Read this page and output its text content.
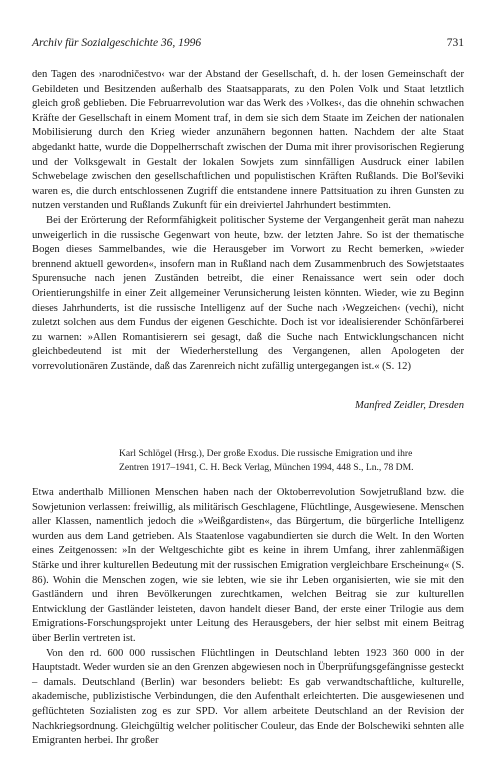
Archiv für Sozialgeschichte 36, 1996	731

den Tagen des ›narodničestvo‹ war der Abstand der Gesellschaft, d. h. der losen Gemeinschaft der Gebildeten und Besitzenden außerhalb des Staatsapparats, zu den Polen Volk und Staat letztlich gleich groß geblieben. Die Februarrevolution war das Werk des ›Volkes‹, das die ohnehin schwachen Kräfte der Gesellschaft in einem Moment traf, in dem sie sich dem Staate im Zeichen der nationalen Mobilisierung durch den Krieg wieder anzunähern begonnen hatten. Nachdem der alte Staat abgedankt hatte, wurde die Doppelherrschaft zwischen der Duma mit ihrer provisorischen Regierung und der Volksgewalt in Gestalt der lokalen Sowjets zum sinnfälligen Ausdruck einer labilen Schwebelage zwischen den gesellschaftlichen und populistischen Kräften Rußlands. Die Bol'ševiki waren es, die durch entschlossenen Zugriff die entstandene innere Pattsituation zu ihren Gunsten zu nutzen verstanden und Rußlands Zukunft für ein dreiviertel Jahrhundert bestimmten.

Bei der Erörterung der Reformfähigkeit politischer Systeme der Vergangenheit gerät man nahezu unweigerlich in die russische Gegenwart von heute, bzw. der letzten Jahre. So ist der thematische Bogen dieses Sammelbandes, wie die Herausgeber im Vorwort zu Recht bemerken, »wieder brennend aktuell geworden«, insofern man in Rußland nach dem Zusammenbruch des Sowjetstaates Spurensuche nach jenen Zuständen betreibt, die einer Renaissance wert sein oder doch Orientierungshilfe in einer Zeit allgemeiner Verunsicherung leisten könnten. Wieder, wie zu Beginn dieses Jahrhunderts, ist die russische Intelligenz auf der Suche nach ›Wegzeichen‹ (vechi), nicht zuletzt solchen aus dem Fundus der eigenen Geschichte. Doch ist vor idealisierender Schönfärberei zu warnen: »Allen Romantisierern sei gesagt, daß die Suche nach Entwicklungschancen nicht gleichbedeutend ist mit der Wiederherstellung des Vergangenen, allen Apologeten der vorrevolutionären Zustände, daß das Zarenreich nicht zufällig untergegangen ist.« (S. 12)

Manfred Zeidler, Dresden
Karl Schlögel (Hrsg.), Der große Exodus. Die russische Emigration und ihre
Zentren 1917–1941, C. H. Beck Verlag, München 1994, 448 S., Ln., 78 DM.

Etwa anderthalb Millionen Menschen haben nach der Oktoberrevolution Sowjetrußland bzw. die Sowjetunion verlassen: freiwillig, als militärisch Geschlagene, Flüchtlinge, Ausgewiesene. Menschen aller Klassen, namentlich jedoch die »Weißgardisten«, das Bürgertum, die bürgerliche Intelligenz wurden aus dem Land getrieben. Als Staatenlose vagabundierten sie durch die Welt. In den Worten eines Zeitgenossen: »In der Weltgeschichte gibt es keine in ihrem Umfang, ihrer zahlenmäßigen Stärke und ihrer kulturellen Bedeutung mit der russischen Emigration vergleichbare Erscheinung« (S. 86). Wohin die Menschen zogen, wie sie lebten, wie sie ihr Leben organisierten, wie sie mit den Gastländern und ihren Bevölkerungen zurechtkamen, welchen Beitrag sie zur kulturellen Entwicklung der Gastländer leisteten, davon handelt dieser Band, der erste einer Trilogie aus dem Emigrations-Forschungsprojekt unter Leitung des Herausgebers, der hier selbst mit einem Beitrag über Berlin vertreten ist.

Von den rd. 600 000 russischen Flüchtlingen in Deutschland lebten 1923 360 000 in der Hauptstadt. Weder wurden sie an den Grenzen abgewiesen noch in Überprüfungsgefängnisse gesteckt – damals. Deutschland (Berlin) war besonders beliebt: Es gab verwandtschaftliche, kulturelle, akademische, publizistische Verbindungen, die den Aufenthalt erleichterten. Die ausgewiesenen und geflüchteten Sozialisten zog es zur SPD. Vor allem arbeitete Deutschland an der Revision der Nachkriegsordnung. Gleichgültig welcher politischer Couleur, das Ende der Bolschewiki sehnten alle Emigranten herbei. Ihr großer
